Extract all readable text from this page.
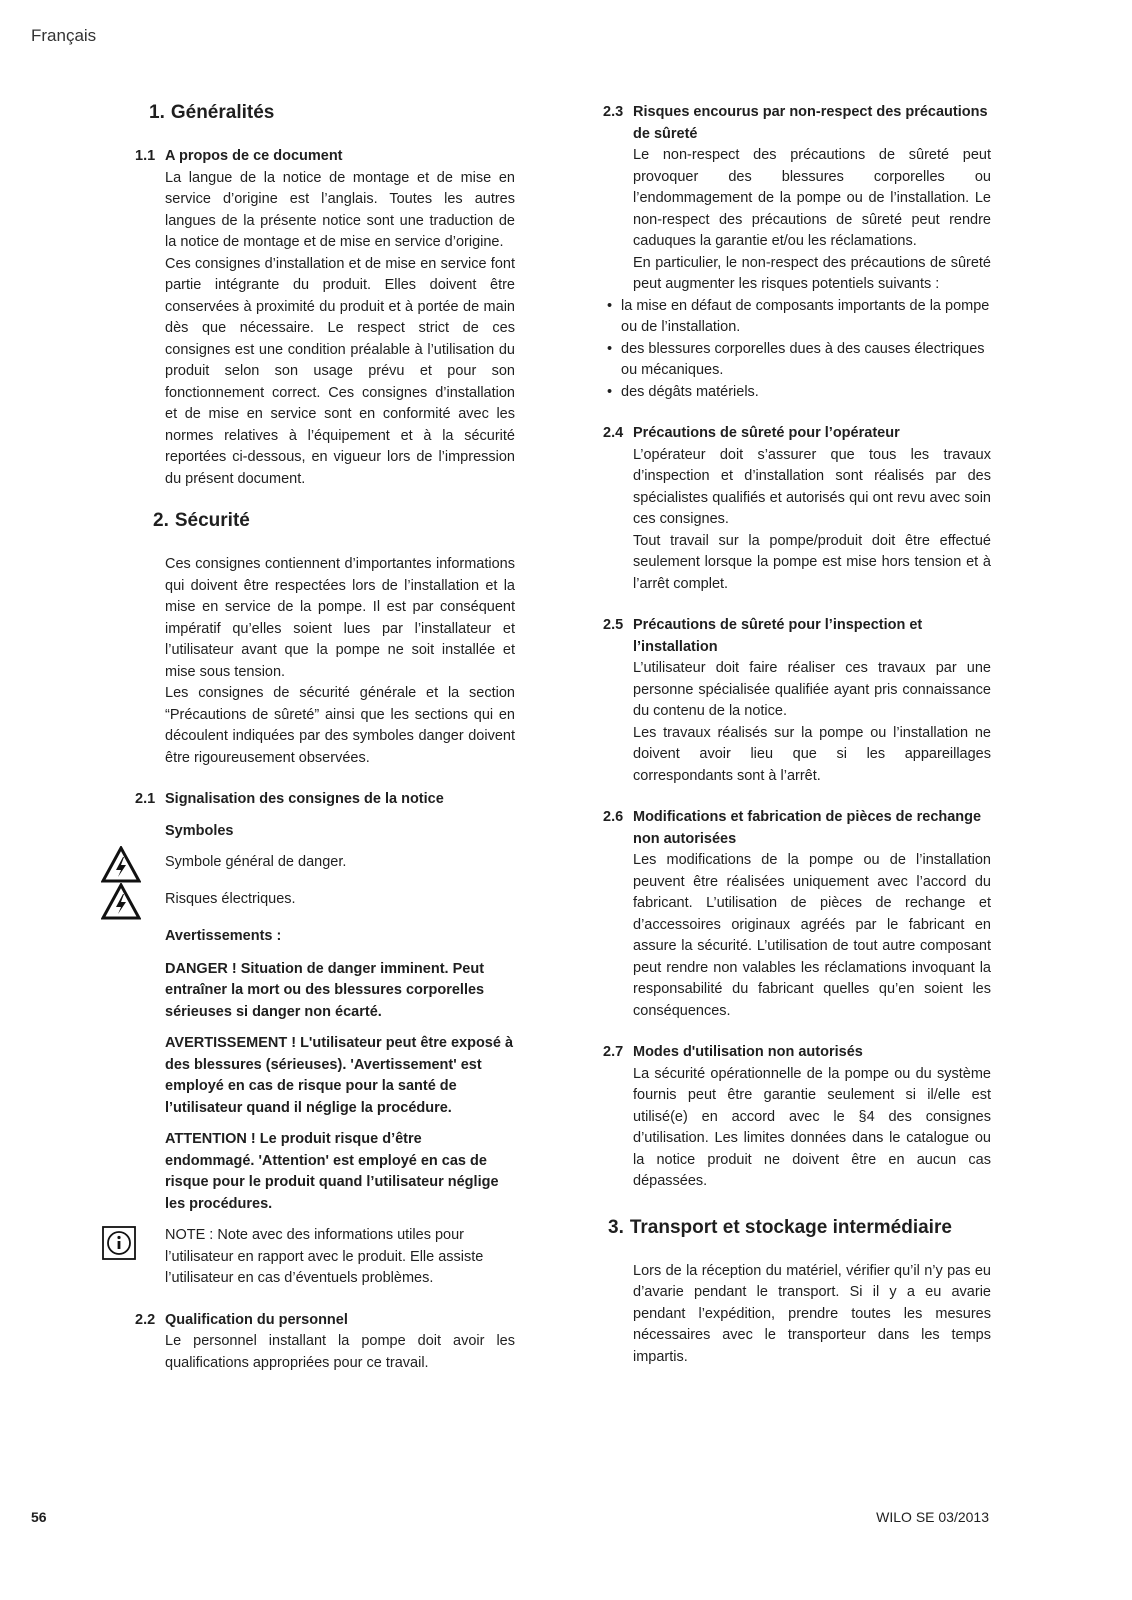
Français
1. Généralités
1.1 A propos de ce document

La langue de la notice de montage et de mise en service d’origine est l’anglais. Toutes les autres langues de la présente notice sont une traduction de la notice de montage et de mise en service d’origine.

Ces consignes d’installation et de mise en service font partie intégrante du produit. Elles doivent être conservées à proximité du produit et à portée de main dès que nécessaire. Le respect strict de ces consignes est une condition préalable à l’utilisation du produit selon son usage prévu et pour son fonctionnement correct. Ces consignes d’installation et de mise en service sont en conformité avec les normes relatives à l’équipement et à la sécurité reportées ci-dessous, en vigueur lors de l’impression du présent document.

2. Sécurité

Ces consignes contiennent d’importantes informations qui doivent être respectées lors de l’installation et la mise en service de la pompe. Il est par conséquent impératif qu’elles soient lues par l’installateur et l’utilisateur avant que la pompe ne soit installée et mise sous tension.

Les consignes de sécurité générale et la section “Précautions de sûreté” ainsi que les sections qui en découlent indiquées par des symboles danger doivent être rigoureusement observées.

2.1 Signalisation des consignes de la notice

Symboles

Symbole général de danger.
Risques électriques.

Avertissements :

DANGER ! Situation de danger imminent. Peut entraîner la mort ou des blessures corporelles sérieuses si danger non écarté.

AVERTISSEMENT ! L'utilisateur peut être exposé à des blessures (sérieuses). 'Avertissement' est employé en cas de risque pour la santé de l’utilisateur quand il néglige la procédure.

ATTENTION ! Le produit risque d’être endommagé. 'Attention' est employé en cas de risque pour le produit quand l’utilisateur néglige les procédures.

NOTE : Note avec des informations utiles pour l’utilisateur en rapport avec le produit. Elle assiste l’utilisateur en cas d’éventuels problèmes.
2.2 Qualification du personnel

Le personnel installant la pompe doit avoir les qualifications appropriées pour ce travail.

2.3 Risques encourus par non-respect des précautions de sûreté

Le non-respect des précautions de sûreté peut provoquer des blessures corporelles ou l’endommagement de la pompe ou de l’installation. Le non-respect des précautions de sûreté peut rendre caduques la garantie et/ou les réclamations.

En particulier, le non-respect des précautions de sûreté peut augmenter les risques potentiels suivants :

• la mise en défaut de composants importants de la pompe ou de l’installation.
• des blessures corporelles dues à des causes électriques ou mécaniques.
• des dégâts matériels.
2.4 Précautions de sûreté pour l’opérateur

L’opérateur doit s’assurer que tous les travaux d’inspection et d’installation sont réalisés par des spécialistes qualifiés et autorisés qui ont revu avec soin ces consignes.

Tout travail sur la pompe/produit doit être effectué seulement lorsque la pompe est mise hors tension et à l’arrêt complet.

2.5 Précautions de sûreté pour l’inspection et l’installation

L’utilisateur doit faire réaliser ces travaux par une personne spécialisée qualifiée ayant pris connaissance du contenu de la notice.

Les travaux réalisés sur la pompe ou l’installation ne doivent avoir lieu que si les appareillages correspondants sont à l’arrêt.

2.6 Modifications et fabrication de pièces de rechange non autorisées

Les modifications de la pompe ou de l’installation peuvent être réalisées uniquement avec l’accord du fabricant. L’utilisation de pièces de rechange et d’accessoires originaux agréés par le fabricant en assure la sécurité. L’utilisation de tout autre composant peut rendre non valables les réclamations invoquant la responsabilité du fabricant quelles qu’en soient les conséquences.

2.7 Modes d'utilisation non autorisés

La sécurité opérationnelle de la pompe ou du système fournis peut être garantie seulement si il/elle est utilisé(e) en accord avec le §4 des consignes d’utilisation. Les limites données dans le catalogue ou la notice produit ne doivent être en aucun cas dépassées.

3. Transport et stockage intermédiaire

Lors de la réception du matériel, vérifier qu’il n’y pas eu d’avarie pendant le transport. Si il y a eu avarie pendant l’expédition, prendre toutes les mesures nécessaires avec le transporteur dans les temps impartis.

56	WILO SE 03/2013
